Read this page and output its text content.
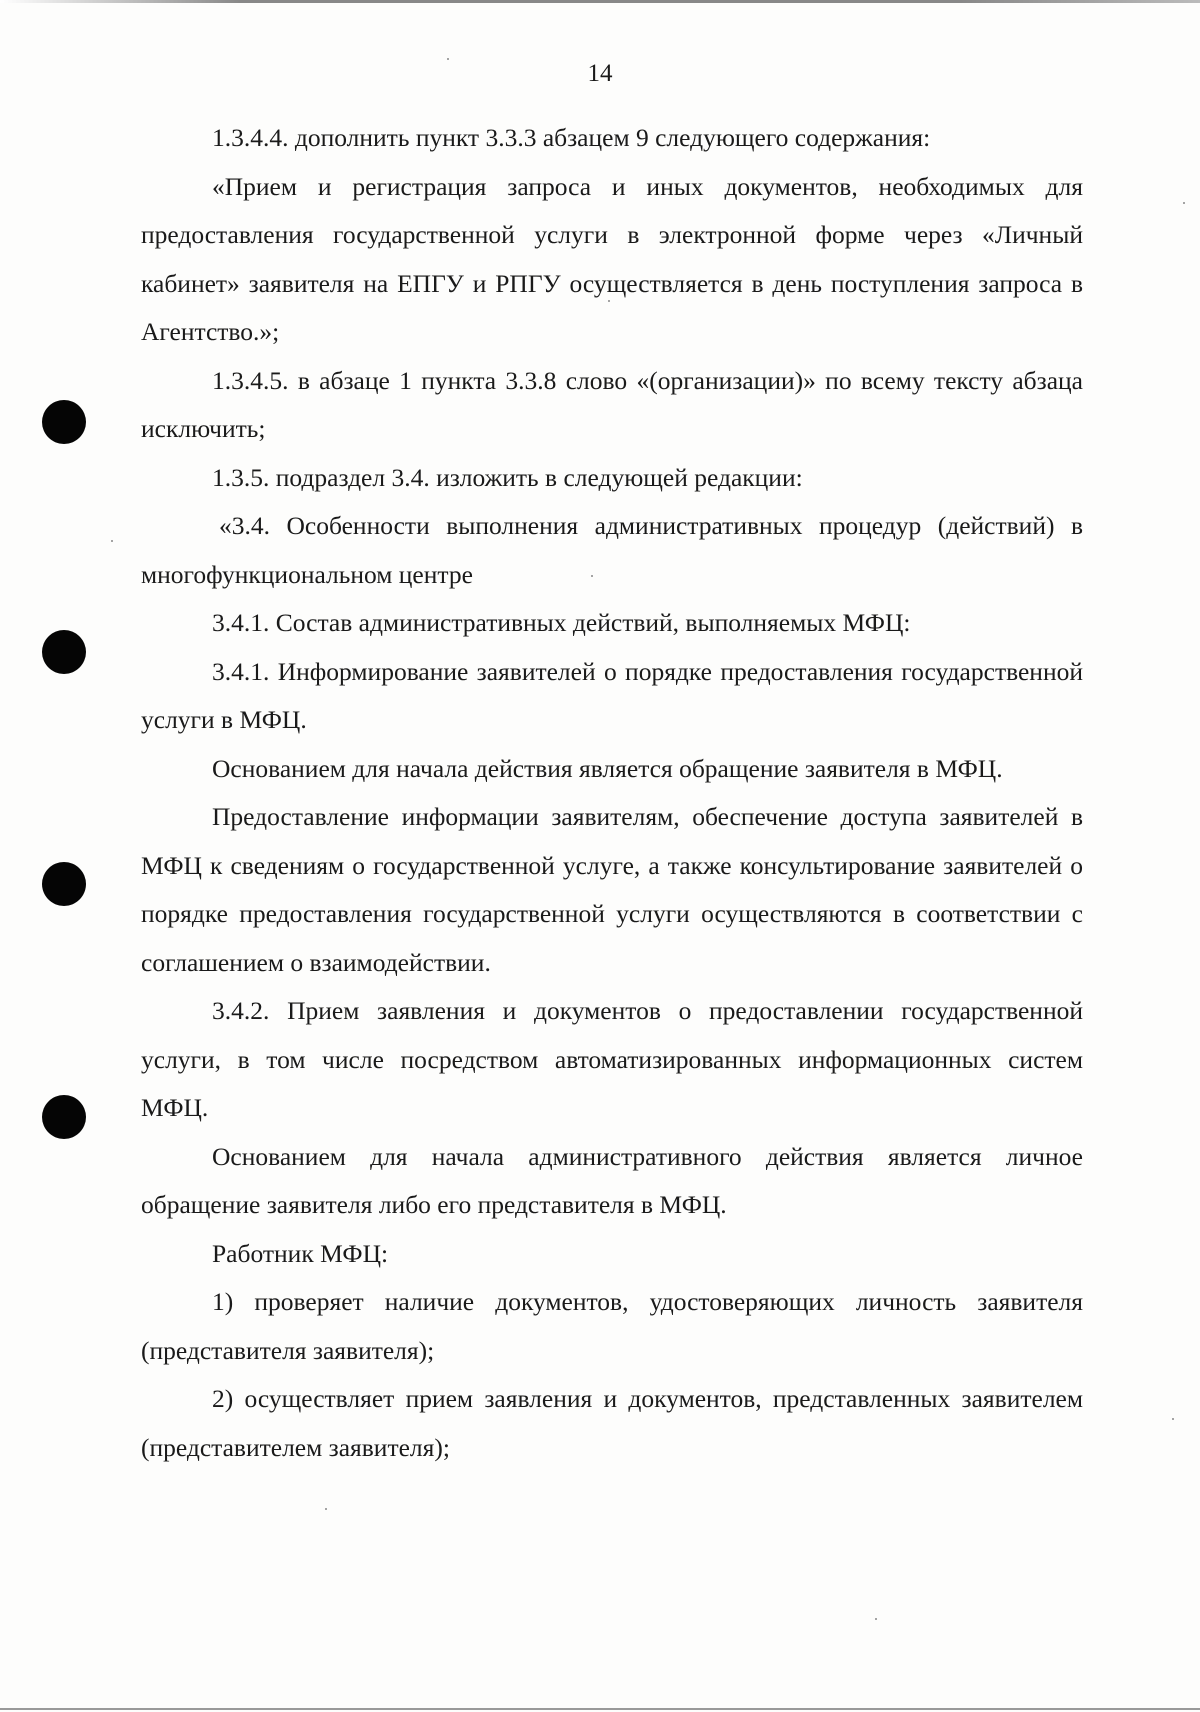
14

1.3.4.4. дополнить пункт 3.3.3 абзацем 9 следующего содержания:

«Прием и регистрация запроса и иных документов, необходимых для предоставления государственной услуги в электронной форме через «Личный кабинет» заявителя на ЕПГУ и РПГУ осуществляется в день поступления запроса в Агентство.»;

1.3.4.5. в абзаце 1 пункта 3.3.8 слово «(организации)» по всему тексту абзаца исключить;

1.3.5. подраздел 3.4. изложить в следующей редакции:

«3.4. Особенности выполнения административных процедур (действий) в многофункциональном центре

3.4.1. Состав административных действий, выполняемых МФЦ:

3.4.1. Информирование заявителей о порядке предоставления государственной услуги в МФЦ.

Основанием для начала действия является обращение заявителя в МФЦ.

Предоставление информации заявителям, обеспечение доступа заявителей в МФЦ к сведениям о государственной услуге, а также консультирование заявителей о порядке предоставления государственной услуги осуществляются в соответствии с соглашением о взаимодействии.

3.4.2. Прием заявления и документов о предоставлении государственной услуги, в том числе посредством автоматизированных информационных систем МФЦ.

Основанием для начала административного действия является личное обращение заявителя либо его представителя в МФЦ.

Работник МФЦ:

1) проверяет наличие документов, удостоверяющих личность заявителя (представителя заявителя);

2) осуществляет прием заявления и документов, представленных заявителем (представителем заявителя);
